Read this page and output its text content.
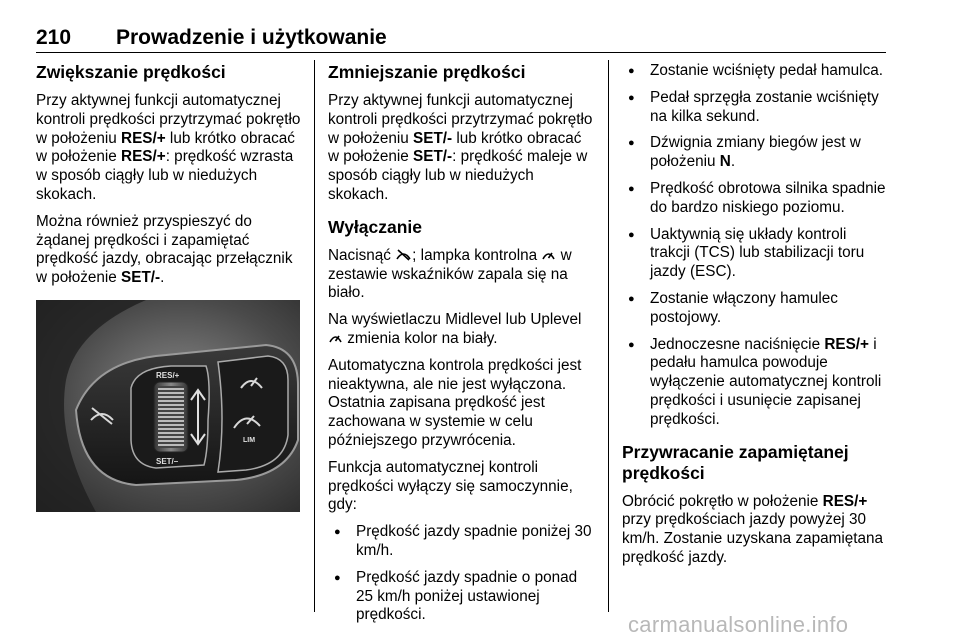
210 Prowadzenie i użytkowanie
Zwiększanie prędkości

Przy aktywnej funkcji automatycznej kontroli prędkości przytrzymać pokrętło w położeniu RES/+ lub krótko obracać w położenie RES/+: prędkość wzrasta w sposób ciągły lub w niedużych skokach.

Można również przyspieszyć do żądanej prędkości i zapamiętać prędkość jazdy, obracając przełącznik w położenie SET/-.

RES/+
SET/–
LIM
Zmniejszanie prędkości

Przy aktywnej funkcji automatycznej kontroli prędkości przytrzymać pokrętło w położeniu SET/- lub krótko obracać w położenie SET/-: prędkość maleje w sposób ciągły lub w niedużych skokach.

Wyłączanie

Nacisnąć ; lampka kontrolna  w zestawie wskaźników zapala się na biało.

Na wyświetlaczu Midlevel lub Uplevel  zmienia kolor na biały.

Automatyczna kontrola prędkości jest nieaktywna, ale nie jest wyłączona. Ostatnia zapisana prędkość jest zachowana w systemie w celu późniejszego przywrócenia.

Funkcja automatycznej kontroli prędkości wyłączy się samoczynnie, gdy:

● Prędkość jazdy spadnie poniżej 30 km/h.
● Prędkość jazdy spadnie o ponad 25 km/h poniżej ustawionej prędkości.
● Zostanie wciśnięty pedał hamulca.
● Pedał sprzęgła zostanie wciśnięty na kilka sekund.
● Dźwignia zmiany biegów jest w położeniu N.
● Prędkość obrotowa silnika spadnie do bardzo niskiego poziomu.
● Uaktywnią się układy kontroli trakcji (TCS) lub stabilizacji toru jazdy (ESC).
● Zostanie włączony hamulec postojowy.
● Jednoczesne naciśnięcie RES/+ i pedału hamulca powoduje wyłączenie automatycznej kontroli prędkości i usunięcie zapisanej prędkości.
Przywracanie zapamiętanej prędkości

Obrócić pokrętło w położenie RES/+ przy prędkościach jazdy powyżej 30 km/h. Zostanie uzyskana zapamiętana prędkość jazdy.

carmanualsonline.info
